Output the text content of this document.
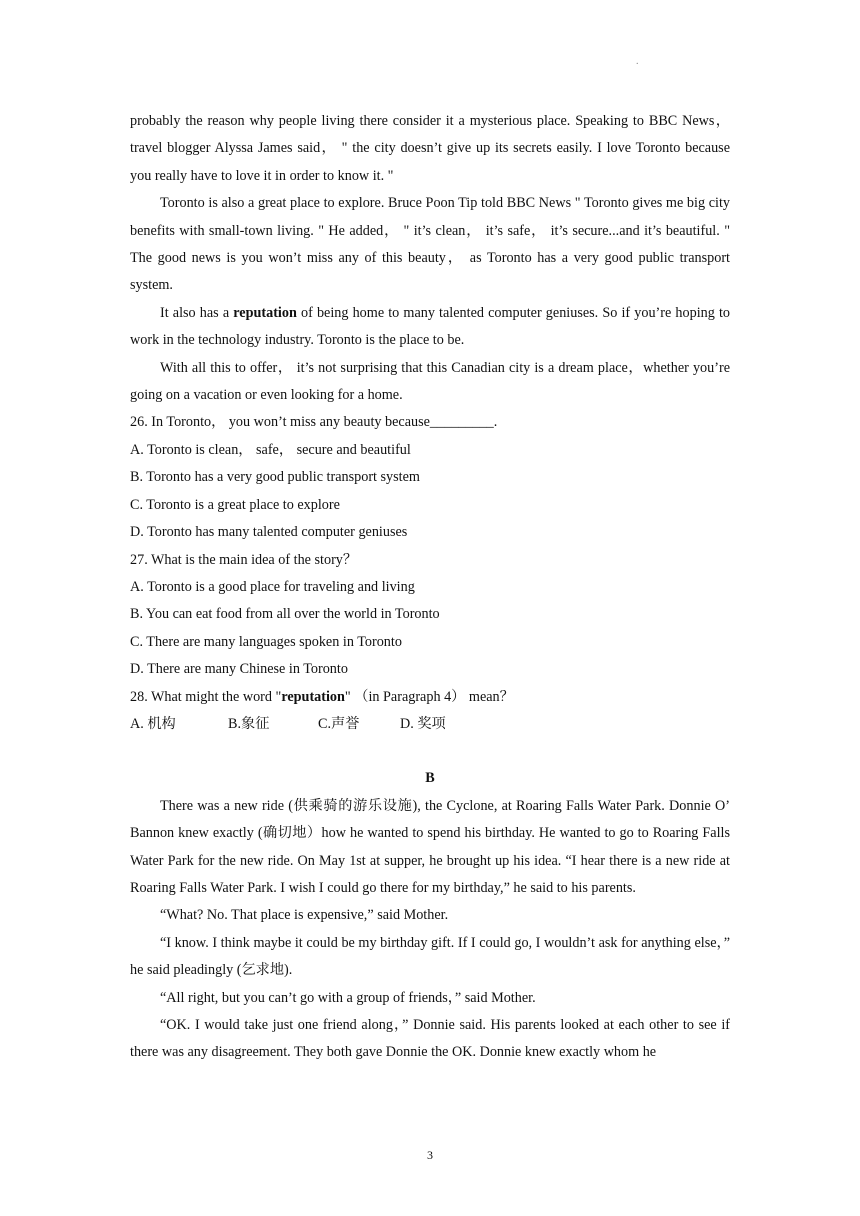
.

probably the reason why people living there consider it a mysterious place. Speaking to BBC News， travel blogger Alyssa James said， " the city doesn’t give up its secrets easily. I love Toronto because you really have to love it in order to know it. "

Toronto is also a great place to explore. Bruce Poon Tip told BBC News " Toronto gives me big city benefits with small-town living. " He added， " it’s clean， it’s safe， it’s secure...and it’s beautiful. " The good news is you won’t miss any of this beauty， as Toronto has a very good public transport system.

It also has a reputation of being home to many talented computer geniuses. So if you’re hoping to work in the technology industry. Toronto is the place to be.

With all this to offer， it’s not surprising that this Canadian city is a dream place，whether you’re going on a vacation or even looking for a home.

26. In Toronto， you won’t miss any beauty because_________.

A. Toronto is clean， safe， secure and beautiful

B. Toronto has a very good public transport system

C. Toronto is a great place to explore

D. Toronto has many talented computer geniuses

27. What is the main idea of the story？

A. Toronto is a good place for traveling and living

B. You can eat food from all over the world in Toronto

C. There are many languages spoken in Toronto

D. There are many Chinese in Toronto

28. What might the word "reputation" （in Paragraph 4） mean？

A. 机构	B.象征	C.声誉	D. 奖项

B

There was a new ride (供乘骑的游乐设施), the Cyclone, at Roaring Falls Water Park. Donnie O’ Bannon knew exactly (确切地）how he wanted to spend his birthday. He wanted to go to Roaring Falls Water Park for the new ride. On May 1st at supper, he brought up his idea. “I hear there is a new ride at Roaring Falls Water Park. I wish I could go there for my birthday,” he said to his parents.

“What? No. That place is expensive,” said Mother.

“I know. I think maybe it could be my birthday gift. If I could go, I wouldn’t ask for anything else，” he said pleadingly (乞求地).

“All right, but you can’t go with a group of friends，” said Mother.

“OK. I would take just one friend along，” Donnie said. His parents looked at each other to see if there was any disagreement. They both gave Donnie the OK. Donnie knew exactly whom he

3
